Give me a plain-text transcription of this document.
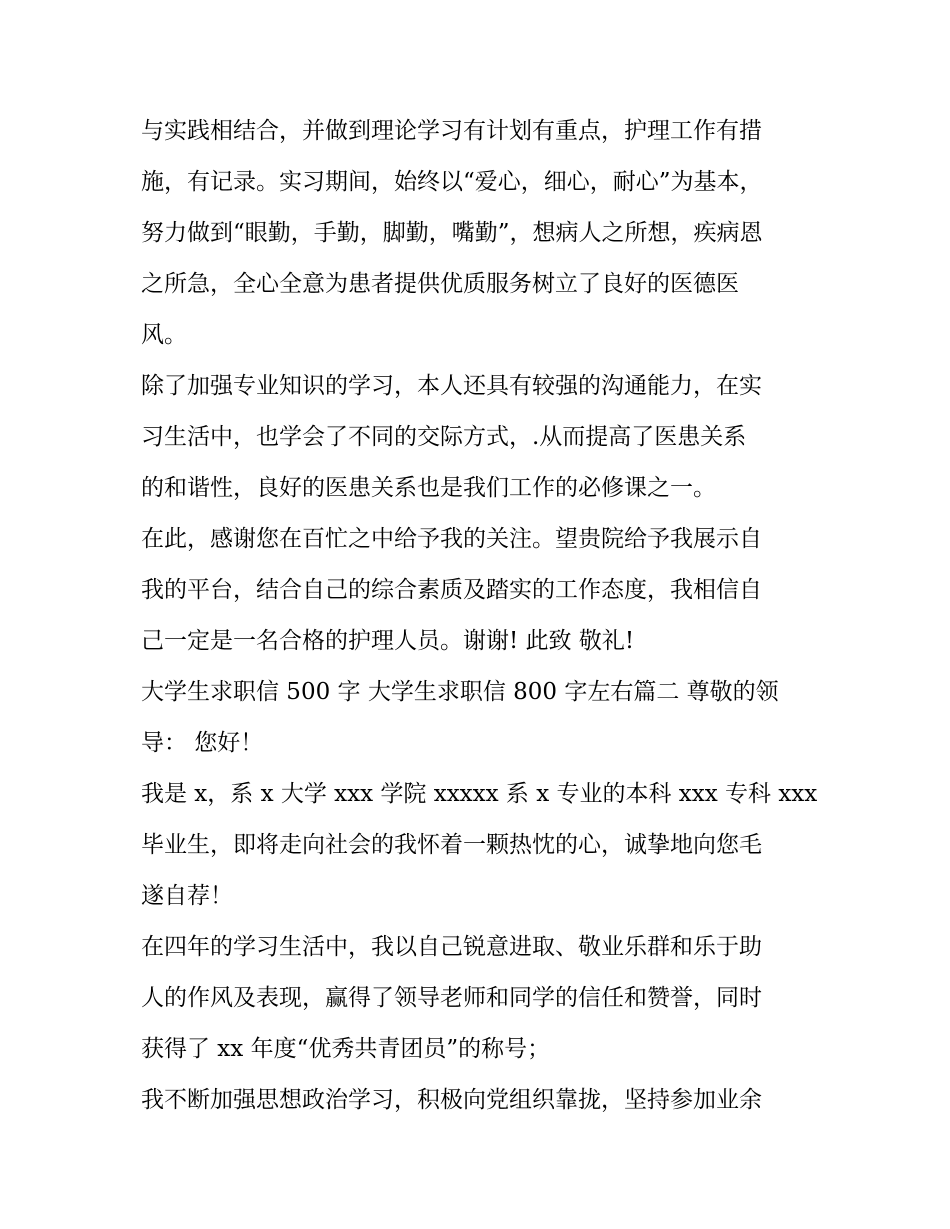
与实践相结合，并做到理论学习有计划有重点，护理工作有措
施，有记录。实习期间，始终以“爱心，细心，耐心”为基本，
努力做到“眼勤，手勤，脚勤，嘴勤”，想病人之所想，疾病恩
之所急，全心全意为患者提供优质服务树立了良好的医德医
风。
除了加强专业知识的学习，本人还具有较强的沟通能力，在实
习生活中，也学会了不同的交际方式，.从而提高了医患关系
的和谐性，良好的医患关系也是我们工作的必修课之一。
在此，感谢您在百忙之中给予我的关注。望贵院给予我展示自
我的平台，结合自己的综合素质及踏实的工作态度，我相信自
己一定是一名合格的护理人员。谢谢! 此致 敬礼!
大学生求职信 500 字 大学生求职信 800 字左右篇二 尊敬的领
导： 您好！
我是 x，系 x 大学 xxx 学院 xxxxx 系 x 专业的本科 xxx 专科 xxx
毕业生，即将走向社会的我怀着一颗热忱的心，诚挚地向您毛
遂自荐！
在四年的学习生活中，我以自己锐意进取、敬业乐群和乐于助
人的作风及表现，赢得了领导老师和同学的信任和赞誉，同时
获得了 xx 年度“优秀共青团员”的称号；
我不断加强思想政治学习，积极向党组织靠拢，坚持参加业余
